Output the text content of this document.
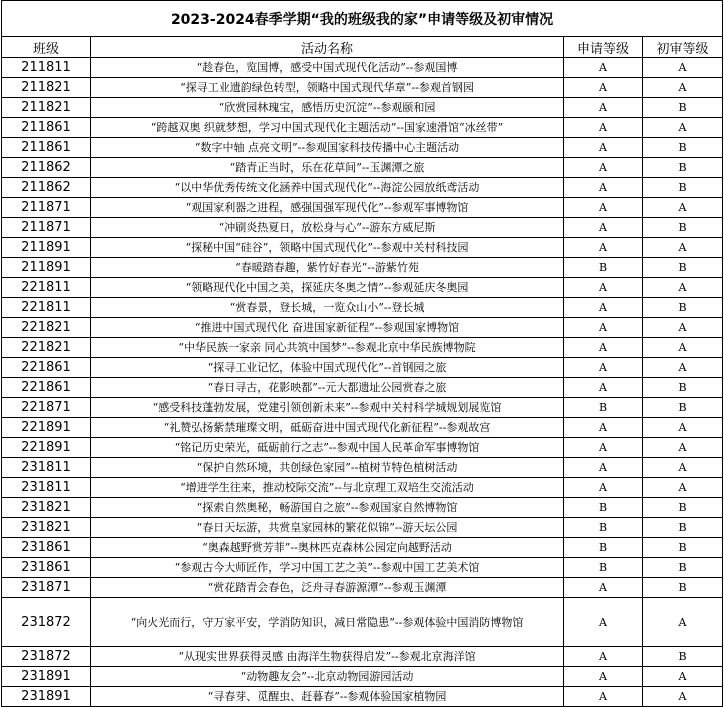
2023-2024春季学期“我的班级我的家”申请等级及初审情况			
班级	活动名称	申请等级	初审等级
211811	“趁春色，览国博，感受中国式现代化活动”--参观国博	A	A
211821	“探寻工业遗韵绿色转型，领略中国式现代华章”--参观首钢园	A	A
211821	“欣赏园林瑰宝，感悟历史沉淀”--参观颐和园	A	B
211861	“跨越双奥 织就梦想，学习中国式现代化主题活动”--国家速滑馆“冰丝带”	A	A
211861	“数字中轴 点亮文明”--参观国家科技传播中心主题活动	A	B
211862	“踏青正当时，乐在花草间”--玉渊潭之旅	A	B
211862	“以中华优秀传统文化涵养中国式现代化”--海淀公园放纸鸢活动	A	B
211871	“观国家利器之进程，感强国强军现代化”--参观军事博物馆	A	A
211871	“冲刷炎热夏日，放松身与心”--游东方威尼斯	A	B
211891	“探秘中国“硅谷”，领略中国式现代化”--参观中关村科技园	A	A
211891	“春暖踏春趣，紫竹好春光”--游紫竹苑	B	B
221811	“领略现代化中国之美，探延庆冬奥之情”--参观延庆冬奥园	A	A
221811	“赏春景，登长城，一览众山小”--登长城	A	B
221821	“推进中国式现代化 奋进国家新征程”--参观国家博物馆	A	A
221821	“中华民族一家亲 同心共筑中国梦”--参观北京中华民族博物院	A	A
221861	“探寻工业记忆，体验中国式现代化”--首钢园之旅	A	A
221861	“春日寻古，花影映都”--元大都遗址公园赏春之旅	A	B
221871	“感受科技蓬勃发展，党建引领创新未来”--参观中关村科学城规划展览馆	B	B
221891	“礼赞弘扬紫禁璀璨文明，砥砺奋进中国式现代化新征程”--参观故宫	A	A
221891	“铭记历史荣光，砥砺前行之志”--参观中国人民革命军事博物馆	A	A
231811	“保护自然环境，共创绿色家园”--植树节特色植树活动	A	A
231811	“增进学生往来，推动校际交流”--与北京理工双培生交流活动	A	A
231821	“探索自然奥秘，畅游国自之旅”--参观国家自然博物馆	B	B
231821	“春日天坛游，共赏皇家园林的繁花似锦”--游天坛公园	B	B
231861	“奥森越野赏芳菲”--奥林匹克森林公园定向越野活动	B	B
231861	“参观古今大师匠作，学习中国工艺之美”--参观中国工艺美术馆	B	B
231871	“赏花踏青会春色，泛舟寻春游源潭”--参观玉渊潭	A	B
231872	“向火光而行，守万家平安，学消防知识，减日常隐患”--参观体验中国消防博物馆	A	A
231872	“从现实世界获得灵感 由海洋生物获得启发”--参观北京海洋馆	A	B
231891	“动物趣友会”--北京动物园游园活动	A	A
231891	“寻春芽、觅醒虫、赶暮春”--参观体验国家植物园	A	A
